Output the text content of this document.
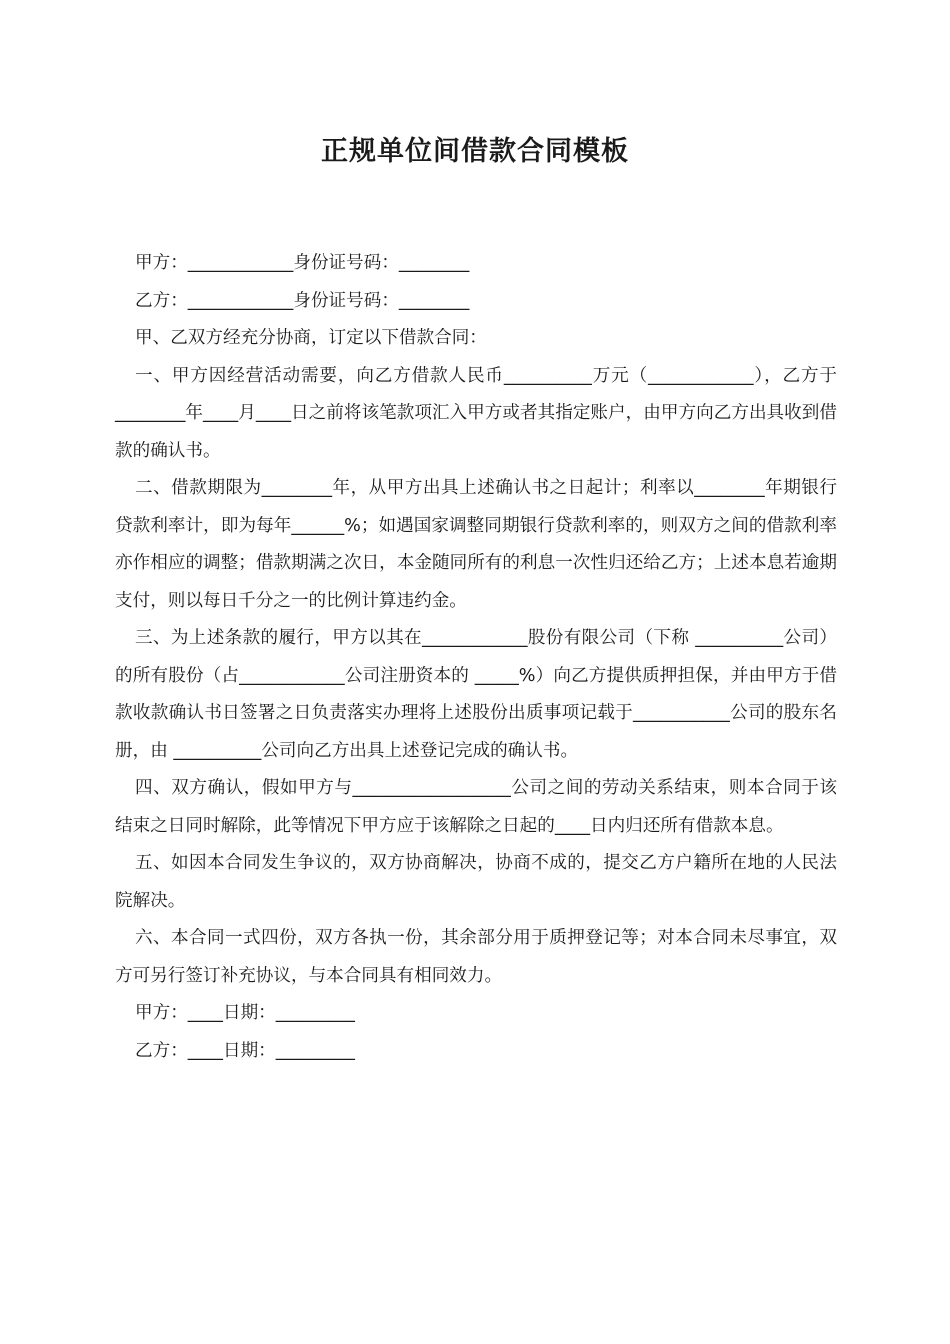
正规单位间借款合同模板

甲方：____________身份证号码：________

乙方：____________身份证号码：________

甲、乙双方经充分协商，订定以下借款合同：

一、甲方因经营活动需要，向乙方借款人民币__________万元（____________），乙方于________年____月____日之前将该笔款项汇入甲方或者其指定账户，由甲方向乙方出具收到借款的确认书。

二、借款期限为________年，从甲方出具上述确认书之日起计；利率以________年期银行贷款利率计，即为每年______%；如遇国家调整同期银行贷款利率的，则双方之间的借款利率亦作相应的调整；借款期满之次日，本金随同所有的利息一次性归还给乙方；上述本息若逾期支付，则以每日千分之一的比例计算违约金。

三、为上述条款的履行，甲方以其在____________股份有限公司（下称 __________公司）的所有股份（占____________公司注册资本的 _____%）向乙方提供质押担保，并由甲方于借款收款确认书日签署之日负责落实办理将上述股份出质事项记载于___________公司的股东名册，由 __________公司向乙方出具上述登记完成的确认书。

四、双方确认，假如甲方与__________________公司之间的劳动关系结束，则本合同于该结束之日同时解除，此等情况下甲方应于该解除之日起的____日内归还所有借款本息。

五、如因本合同发生争议的，双方协商解决，协商不成的，提交乙方户籍所在地的人民法院解决。

六、本合同一式四份，双方各执一份，其余部分用于质押登记等；对本合同未尽事宜，双方可另行签订补充协议，与本合同具有相同效力。

甲方：____日期：_________

乙方：____日期：_________
